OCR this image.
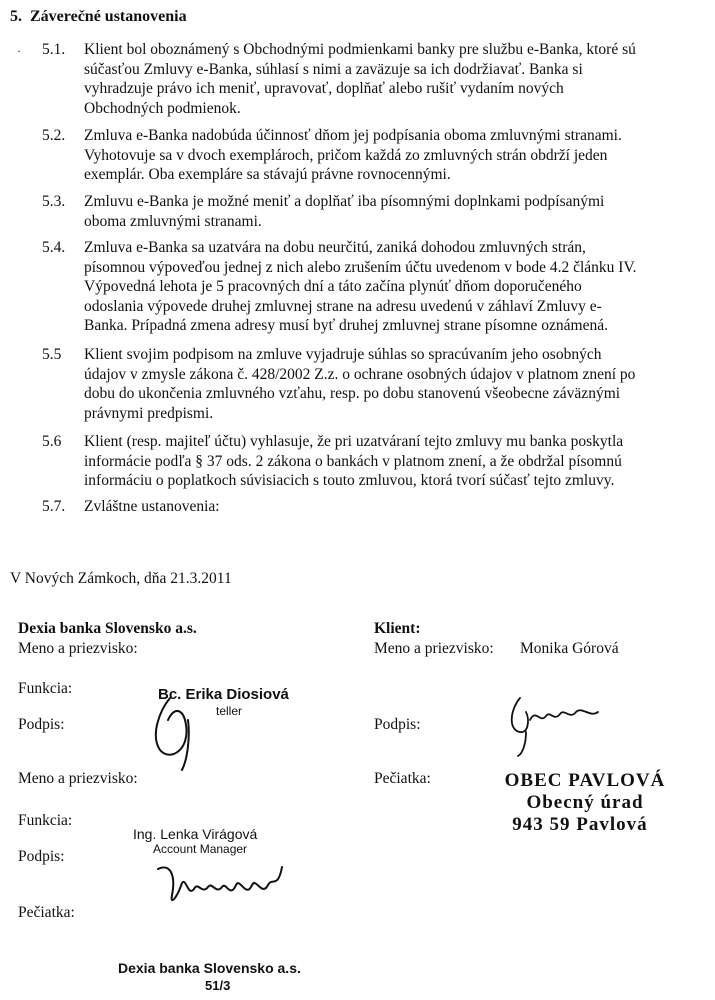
5. Záverečné ustanovenia
· 5.1. Klient bol oboznámený s Obchodnými podmienkami banky pre službu e-Banka, ktoré sú
súčasťou Zmluvy e-Banka, súhlasí s nimi a zaväzuje sa ich dodržiavať. Banka si
vyhradzuje právo ich meniť, upravovať, doplňať alebo rušiť vydaním nových
Obchodných podmienok.
5.2. Zmluva e-Banka nadobúda účinnosť dňom jej podpísania oboma zmluvnými stranami.
Vyhotovuje sa v dvoch exemplároch, pričom každá zo zmluvných strán obdrží jeden
exemplár. Oba exempláre sa stávajú právne rovnocennými.
5.3. Zmluvu e-Banka je možné meniť a doplňať iba písomnými doplnkami podpísanými
oboma zmluvnými stranami.
5.4. Zmluva e-Banka sa uzatvára na dobu neurčitú, zaniká dohodou zmluvných strán,
písomnou výpoveďou jednej z nich alebo zrušením účtu uvedenom v bode 4.2 článku IV.
Výpovedná lehota je 5 pracovných dní a táto začína plynúť dňom doporučeného
odoslania výpovede druhej zmluvnej strane na adresu uvedenú v záhlaví Zmluvy e-
Banka. Prípadná zmena adresy musí byť druhej zmluvnej strane písomne oznámená.
5.5 Klient svojim podpisom na zmluve vyjadruje súhlas so spracúvaním jeho osobných
údajov v zmysle zákona č. 428/2002 Z.z. o ochrane osobných údajov v platnom znení po
dobu do ukončenia zmluvného vzťahu, resp. po dobu stanovenú všeobecne záväznými
právnymi predpismi.
5.6 Klient (resp. majiteľ účtu) vyhlasuje, že pri uzatváraní tejto zmluvy mu banka poskytla
informácie podľa § 37 ods. 2 zákona o bankách v platnom znení, a že obdržal písomnú
informáciu o poplatkoch súvisiacich s touto zmluvou, ktorá tvorí súčasť tejto zmluvy.
5.7. Zvláštne ustanovenia:
V Nových Zámkoch, dňa 21.3.2011
Dexia banka Slovensko a.s.
Meno a priezvisko:
Funkcia:
Podpis:
Meno a priezvisko:
Funkcia:
Podpis:
Pečiatka:
Bc. Erika Diosiová
teller
Ing. Lenka Virágová
Account Manager
Dexia banka Slovensko a.s.
51/3
Klient:
Meno a priezvisko: Monika Górová
Podpis:
Pečiatka:	OBEC PAVLOVÁ
Obecný úrad
943 59 Pavlová
